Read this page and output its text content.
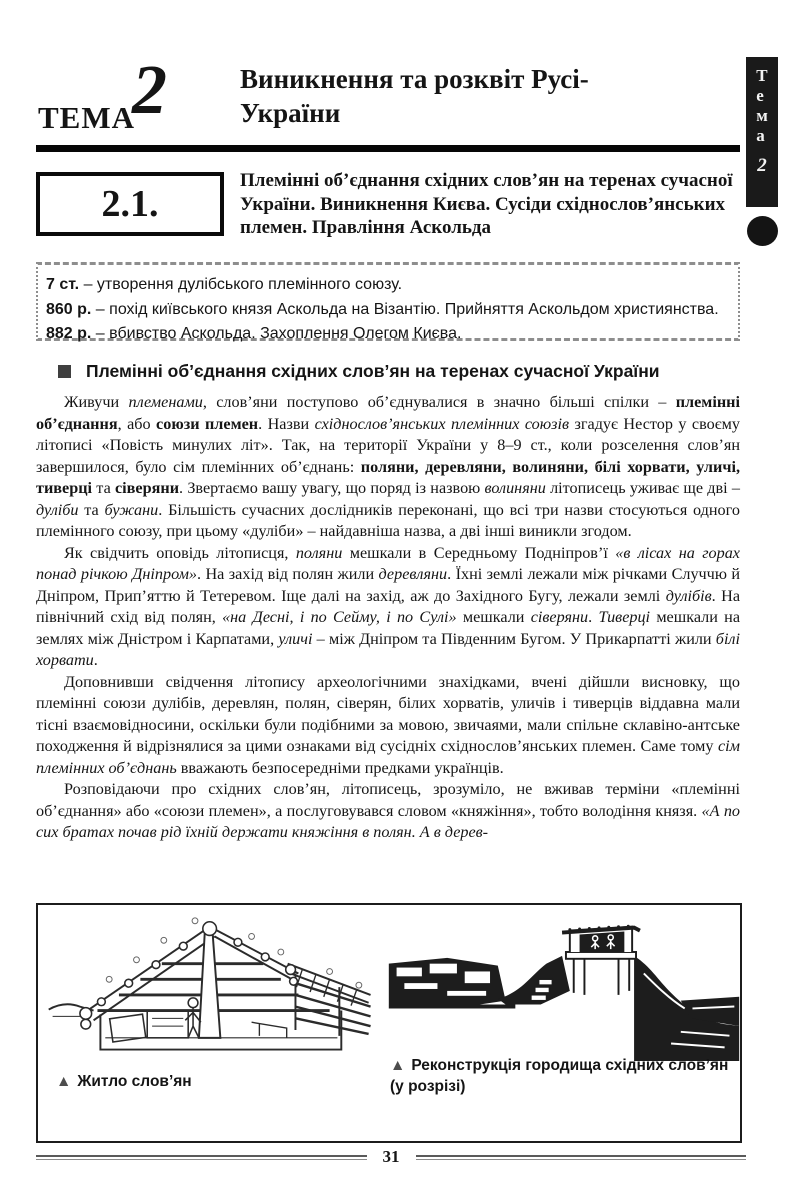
ТЕМА
2	Виникнення та розквіт Русі-України
Т
е
м
а
2
2.1.
Племінні об’єднання східних слов’ян на теренах сучасної України. Виникнення Києва. Сусіди східнослов’янських племен. Правління Аскольда
7 ст. – утворення дулібського племінного союзу.
860 р. – похід київського князя Аскольда на Візантію. Прийняття Аскольдом християнства.
882 р. – вбивство Аскольда. Захоплення Олегом Києва.
Племінні об’єднання східних слов’ян на теренах сучасної України

Живучи племенами, слов’яни поступово об’єднувалися в значно більші спілки – племінні об’єднання, або союзи племен. Назви східнослов’янських племінних союзів згадує Нестор у своєму літописі «Повість минулих літ». Так, на території України у 8–9 ст., коли розселення слов’ян завершилося, було сім племінних об’єднань: поляни, деревляни, волиняни, білі хорвати, уличі, тиверці та сіверяни. Звертаємо вашу увагу, що поряд із назвою волиняни літописець уживає ще дві – дуліби та бужани. Більшість сучасних дослідників переконані, що всі три назви стосуються одного племінного союзу, при цьому «дуліби» – найдавніша назва, а дві інші виникли згодом.

Як свідчить оповідь літописця, поляни мешкали в Середньому Подніпров’ї «в лісах на горах понад річкою Дніпром». На захід від полян жили деревляни. Їхні землі лежали між річками Случчю й Дніпром, Прип’яттю й Тетеревом. Іще далі на захід, аж до Західного Бугу, лежали землі дулібів. На північний схід від полян, «на Десні, і по Сейму, і по Сулі» мешкали сіверяни. Тиверці мешкали на землях між Дністром і Карпатами, уличі – між Дніпром та Південним Бугом. У Прикарпатті жили білі хорвати.

Доповнивши свідчення літопису археологічними знахідками, вчені дійшли висновку, що племінні союзи дулібів, деревлян, полян, сіверян, білих хорватів, уличів і тиверців віддавна мали тісні взаємовідносини, оскільки були подібними за мовою, звичаями, мали спільне склавіно-антське походження й відрізнялися за цими ознаками від сусідніх східнослов’янських племен. Саме тому сім племінних об’єднань вважають безпосередніми предками українців.

Розповідаючи про східних слов’ян, літописець, зрозуміло, не вживав терміни «племінні об’єднання» або «союзи племен», а послуговувався словом «княжіння», тобто володіння князя. «А по сих братах почав рід їхній держати княжіння в полян. А в дерев-

▲ Житло слов’ян
▲ Реконструкція городища східних слов’ян (у розрізі)
31
